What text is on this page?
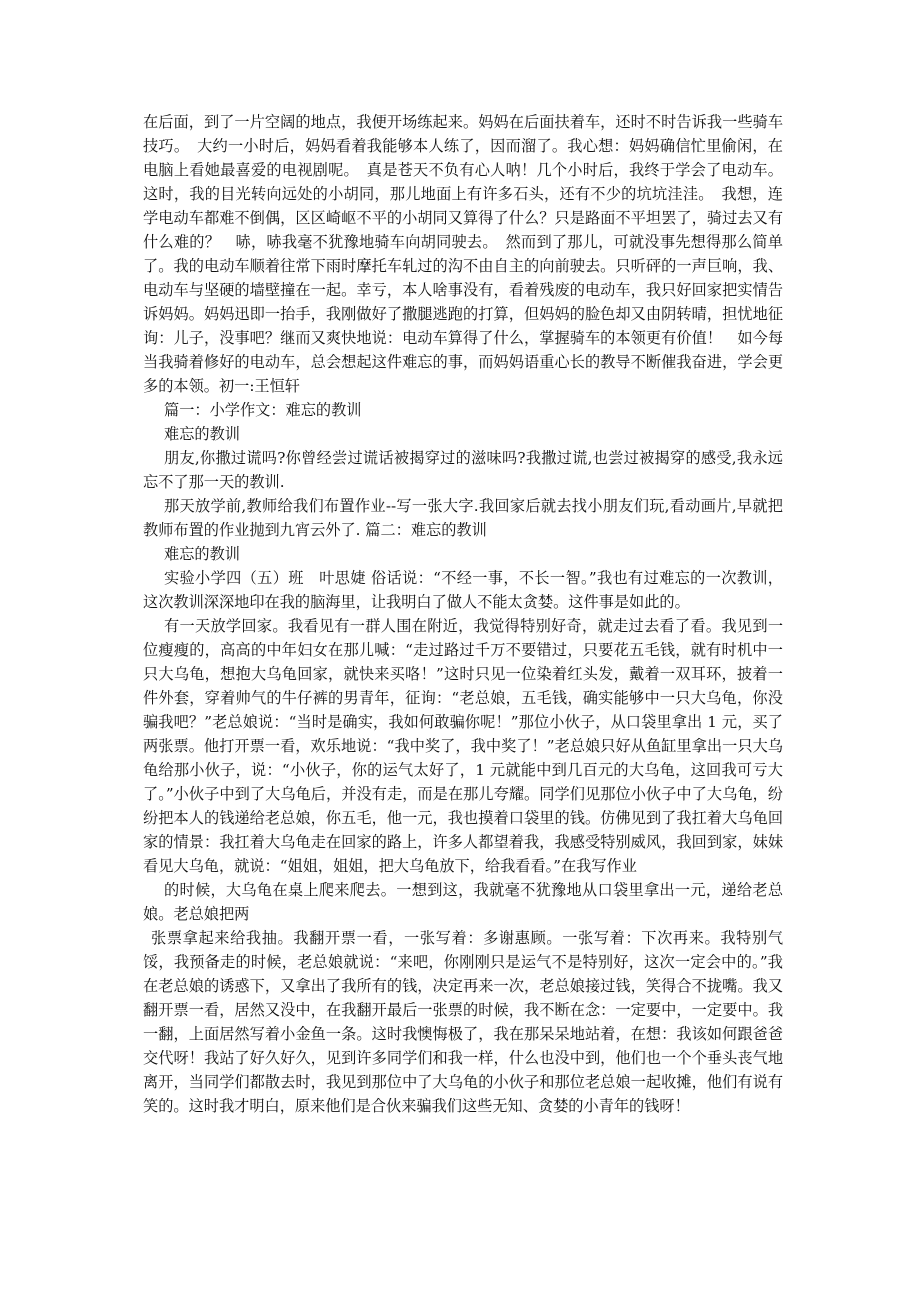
在后面，到了一片空阔的地点，我便开场练起来。妈妈在后面扶着车，还时不时告诉我一些骑车技巧。　大约一小时后，妈妈看着我能够本人练了，因而溜了。我心想：妈妈确信忙里偷闲，在电脑上看她最喜爱的电视剧呢。　真是苍天不负有心人呐！几个小时后，我终于学会了电动车。这时，我的目光转向远处的小胡同，那儿地面上有许多石头，还有不少的坑坑洼洼。　我想，连学电动车都难不倒偶，区区崎岖不平的小胡同又算得了什么？只是路面不平坦罢了，骑过去又有什么难的？　哧，哧我毫不犹豫地骑车向胡同驶去。　然而到了那儿，可就没事先想得那么简单了。我的电动车顺着往常下雨时摩托车轧过的沟不由自主的向前驶去。只听砰的一声巨响，我、电动车与坚硬的墙壁撞在一起。幸亏，本人啥事没有，看着残废的电动车，我只好回家把实情告诉妈妈。妈妈迅即一抬手，我刚做好了撒腿逃跑的打算，但妈妈的脸色却又由阴转晴，担忧地征询：儿子，没事吧？继而又爽快地说：电动车算得了什么，掌握骑车的本领更有价值！　如今每当我骑着修好的电动车，总会想起这件难忘的事，而妈妈语重心长的教导不断催我奋进，学会更多的本领。初一:王恒轩

篇一：小学作文：难忘的教训

难忘的教训

朋友,你撒过谎吗?你曾经尝过谎话被揭穿过的滋味吗?我撒过谎,也尝过被揭穿的感受,我永远忘不了那一天的教训.

那天放学前,教师给我们布置作业--写一张大字.我回家后就去找小朋友们玩,看动画片,早就把教师布置的作业抛到九宵云外了. 篇二：难忘的教训

难忘的教训

实验小学四（五）班　叶思婕 俗话说：“不经一事，不长一智。”我也有过难忘的一次教训，这次教训深深地印在我的脑海里，让我明白了做人不能太贪婪。这件事是如此的。

有一天放学回家。我看见有一群人围在附近，我觉得特别好奇，就走过去看了看。我见到一位瘦瘦的，高高的中年妇女在那儿喊：“走过路过千万不要错过，只要花五毛钱，就有时机中一只大乌龟，想抱大乌龟回家，就快来买咯！”这时只见一位染着红头发，戴着一双耳环，披着一件外套，穿着帅气的牛仔裤的男青年，征询：“老总娘，五毛钱，确实能够中一只大乌龟，你没骗我吧？”老总娘说：“当时是确实，我如何敢骗你呢！”那位小伙子，从口袋里拿出 1 元，买了两张票。他打开票一看，欢乐地说：“我中奖了，我中奖了！”老总娘只好从鱼缸里拿出一只大乌龟给那小伙子，说：“小伙子，你的运气太好了，1 元就能中到几百元的大乌龟，这回我可亏大了。”小伙子中到了大乌龟后，并没有走，而是在那儿夸耀。同学们见那位小伙子中了大乌龟，纷纷把本人的钱递给老总娘，你五毛，他一元，我也摸着口袋里的钱。仿佛见到了我扛着大乌龟回家的情景：我扛着大乌龟走在回家的路上，许多人都望着我，我感受特别威风，我回到家，妹妹看见大乌龟，就说：“姐姐，姐姐，把大乌龟放下，给我看看。”在我写作业

的时候，大乌龟在桌上爬来爬去。一想到这，我就毫不犹豫地从口袋里拿出一元，递给老总娘。老总娘把两

张票拿起来给我抽。我翻开票一看，一张写着：多谢惠顾。一张写着：下次再来。我特别气馁，我预备走的时候，老总娘就说：“来吧，你刚刚只是运气不是特别好，这次一定会中的。”我在老总娘的诱惑下，又拿出了我所有的钱，决定再来一次，老总娘接过钱，笑得合不拢嘴。我又翻开票一看，居然又没中，在我翻开最后一张票的时候，我不断在念：一定要中，一定要中。我一翻，上面居然写着小金鱼一条。这时我懊悔极了，我在那呆呆地站着，在想：我该如何跟爸爸交代呀！我站了好久好久，见到许多同学们和我一样，什么也没中到，他们也一个个垂头丧气地离开，当同学们都散去时，我见到那位中了大乌龟的小伙子和那位老总娘一起收摊，他们有说有笑的。这时我才明白，原来他们是合伙来骗我们这些无知、贪婪的小青年的钱呀！
